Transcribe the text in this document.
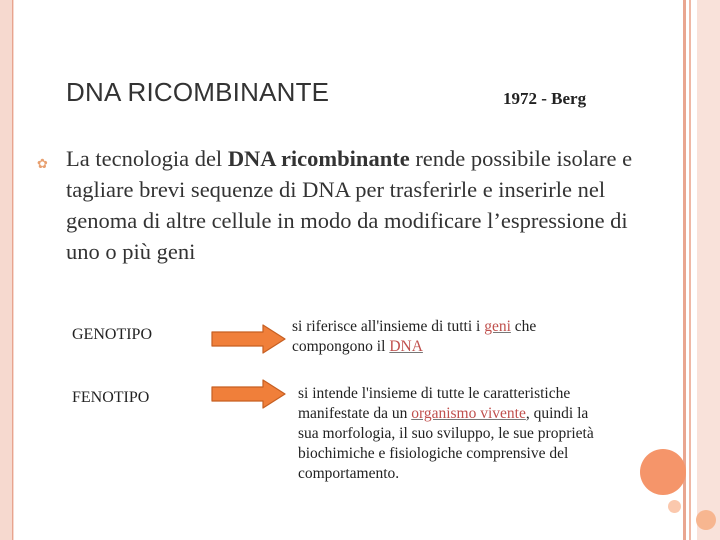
DNA RICOMBINANTE	1972 - Berg
✿ La tecnologia del DNA ricombinante rende possibile isolare e tagliare brevi sequenze di DNA per trasferirle e inserirle nel genoma di altre cellule in modo da modificare l’espressione di uno o più geni
GENOTIPO	si riferisce all'insieme di tutti i geni che compongono il DNA
FENOTIPO	si intende l'insieme di tutte le caratteristiche manifestate da un organismo vivente, quindi la sua morfologia, il suo sviluppo, le sue proprietà biochimiche e fisiologiche comprensive del comportamento.
